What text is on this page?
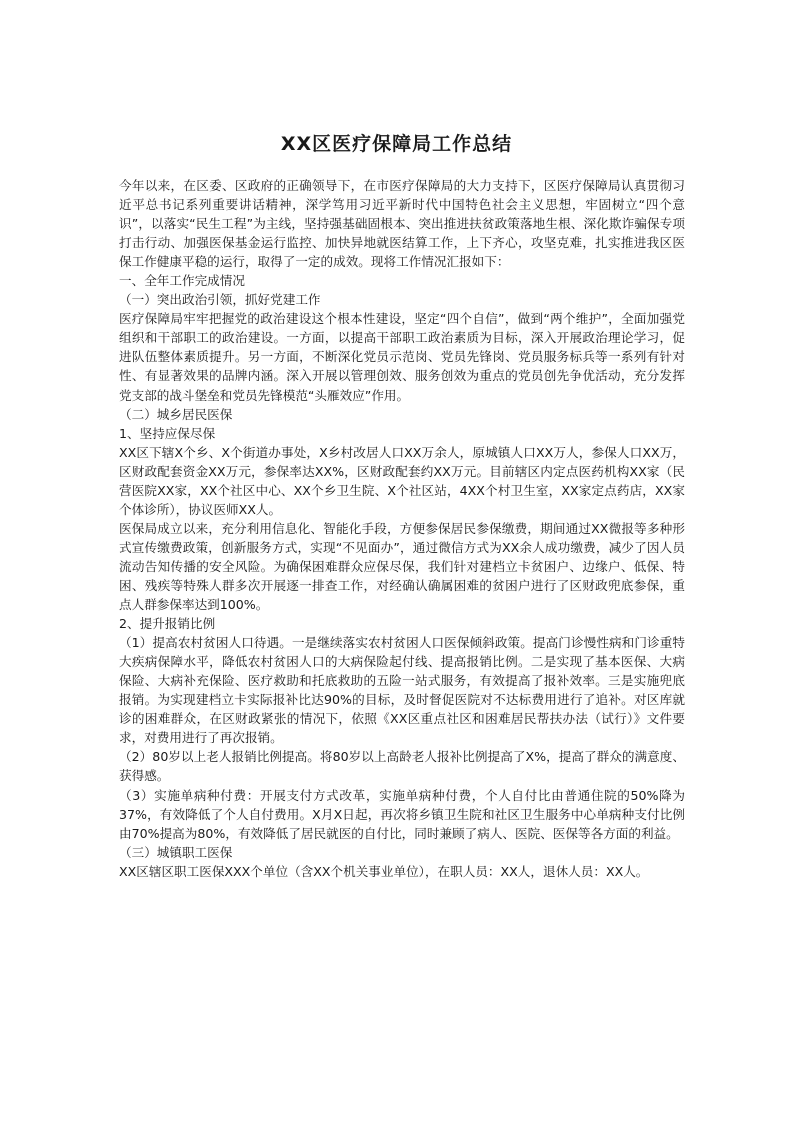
XX区医疗保障局工作总结

今年以来，在区委、区政府的正确领导下，在市医疗保障局的大力支持下，区医疗保障局认真贯彻习近平总书记系列重要讲话精神，深学笃用习近平新时代中国特色社会主义思想，牢固树立“四个意识”，以落实“民生工程”为主线，坚持强基础固根本、突出推进扶贫政策落地生根、深化欺诈骗保专项打击行动、加强医保基金运行监控、加快异地就医结算工作，上下齐心，攻坚克难，扎实推进我区医保工作健康平稳的运行，取得了一定的成效。现将工作情况汇报如下：

一、全年工作完成情况

（一）突出政治引领，抓好党建工作

医疗保障局牢牢把握党的政治建设这个根本性建设，坚定“四个自信”，做到“两个维护”，全面加强党组织和干部职工的政治建设。一方面，以提高干部职工政治素质为目标，深入开展政治理论学习，促进队伍整体素质提升。另一方面，不断深化党员示范岗、党员先锋岗、党员服务标兵等一系列有针对性、有显著效果的品牌内涵。深入开展以管理创效、服务创效为重点的党员创先争优活动，充分发挥党支部的战斗堡垒和党员先锋模范“头雁效应”作用。

（二）城乡居民医保

1、坚持应保尽保

XX区下辖X个乡、X个街道办事处，X乡村改居人口XX万余人，原城镇人口XX万人，参保人口XX万，区财政配套资金XX万元，参保率达XX%，区财政配套约XX万元。目前辖区内定点医药机构XX家（民营医院XX家，XX个社区中心、XX个乡卫生院、X个社区站，4XX个村卫生室，XX家定点药店，XX家个体诊所），协议医师XX人。

医保局成立以来，充分利用信息化、智能化手段，方便参保居民参保缴费，期间通过XX微报等多种形式宣传缴费政策，创新服务方式，实现“不见面办”，通过微信方式为XX余人成功缴费，减少了因人员流动告知传播的安全风险。为确保困难群众应保尽保，我们针对建档立卡贫困户、边缘户、低保、特困、残疾等特殊人群多次开展逐一排查工作，对经确认确属困难的贫困户进行了区财政兜底参保，重点人群参保率达到100%。

2、提升报销比例

（1）提高农村贫困人口待遇。一是继续落实农村贫困人口医保倾斜政策。提高门诊慢性病和门诊重特大疾病保障水平，降低农村贫困人口的大病保险起付线、提高报销比例。二是实现了基本医保、大病保险、大病补充保险、医疗救助和托底救助的五险一站式服务，有效提高了报补效率。三是实施兜底报销。为实现建档立卡实际报补比达90%的目标，及时督促医院对不达标费用进行了追补。对区库就诊的困难群众，在区财政紧张的情况下，依照《XX区重点社区和困难居民帮扶办法（试行）》文件要求，对费用进行了再次报销。

（2）80岁以上老人报销比例提高。将80岁以上高龄老人报补比例提高了X%，提高了群众的满意度、获得感。

（3）实施单病种付费：开展支付方式改革，实施单病种付费，个人自付比由普通住院的50%降为37%，有效降低了个人自付费用。X月X日起，再次将乡镇卫生院和社区卫生服务中心单病种支付比例由70%提高为80%，有效降低了居民就医的自付比，同时兼顾了病人、医院、医保等各方面的利益。

（三）城镇职工医保

XX区辖区职工医保XXX个单位（含XX个机关事业单位），在职人员：XX人，退休人员：XX人。
